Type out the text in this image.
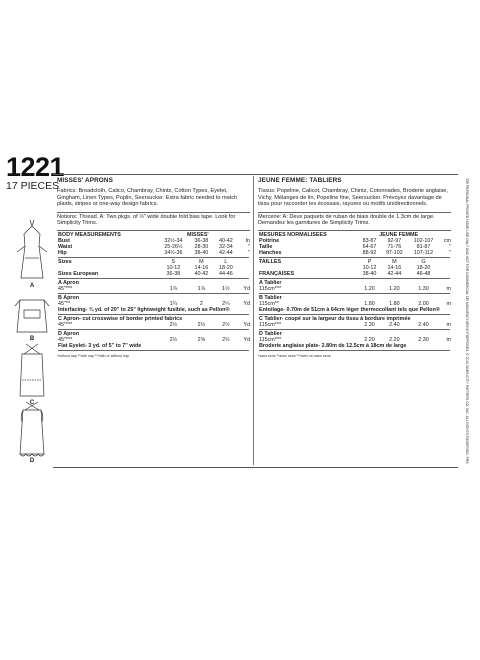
1221
17 PIECES
A
B
C
D
MISSES' APRONS
Fabrics: Broadcloth, Calico, Chambray, Chintz, Cotton Types, Eyelet, Gingham, Linen Types, Poplin, Seersucker. Extra fabric needed to match plaids, stripes or one-way design fabrics.
Notions: Thread. A: Two pkgs. of ½" wide double fold bias tape. Look for Simplicity Trims.
BODY MEASUREMENTS	MISSES'			
Bust	32½-34	36-38	40-42	In
Waist	25-26½	28-30	32-34	"
Hip	34½-36	38-40	42-44	"

Sizes	S	M	L	
	10-12	14-16	18-20	
Sizes European	36-38	40-42	44-46	

A Apron				
45"***	1⅞	1⅞	1½	Yd

B Apron				
45"**	1¼	2	2¼	Yd
Interfacing- ¾ yd. of 20" to 25" lightweight fusible, such as Pellon®				

C Apron- cut crosswise of border printed fabrics				
45"***	2½	2½	2½	Yd

D Apron				
45"***	2½	2⅝	2½	Yd
Flat Eyelet- 3 yd. of 5" to 7" wide				

*without nap **with nap ***with or without nap
JEUNE FEMME: TABLIERS
Tissus: Popeline, Calicot, Chambray, Chintz, Cotonnades, Broderie anglaise, Vichy, Mélanges de lin, Popeline fine, Seersucker. Prévoyez davantage de tissu pour raccorder les écossais, rayures ou motifs unidirectionnels.
Mercerie: A: Deux paquets de ruban de biais double de 1.3cm de large. Demandez les garnitures de Simplicity Trims.
MESURES NORMALISEES	JEUNE FEMME			
Poitrine	83-87	92-97	102-107	cm
Taille	64-67	71-76	81-87	"
Hanches	88-92	97-102	107-112	"

TAILLES	P	M	G	
	10-12	14-16	18-20	
FRANÇAISES	38-40	42-44	46-48	

A Tablier				
115cm***	1.20	1.20	1.30	m

B Tablier				
115cm**	1.80	1.80	2.00	m
Entoilage- 0.70m de 51cm à 64cm léger thermocollant tels que Pellon®				

C Tablier- coupé sur la largeur du tissu à bordure imprimée				
115cm***	2.30	2.40	2.40	m

D Tablier				
115cm***	2.20	2.20	2.30	m
Broderie anglaise plate- 2.80m de 12.5cm à 18cm de large				

*sans sens **avec sens ***avec ou sans sens	TO BE USED FOR PERSONAL PRIVATE HOME USE ONLY AND NOT FOR COMMERCIAL OR MANUFACTURING PURPOSES. © 2016 SIMPLICITY PATTERN CO. INC. ALL RIGHTS RESERVED. PRINTED IN U.S.A.
